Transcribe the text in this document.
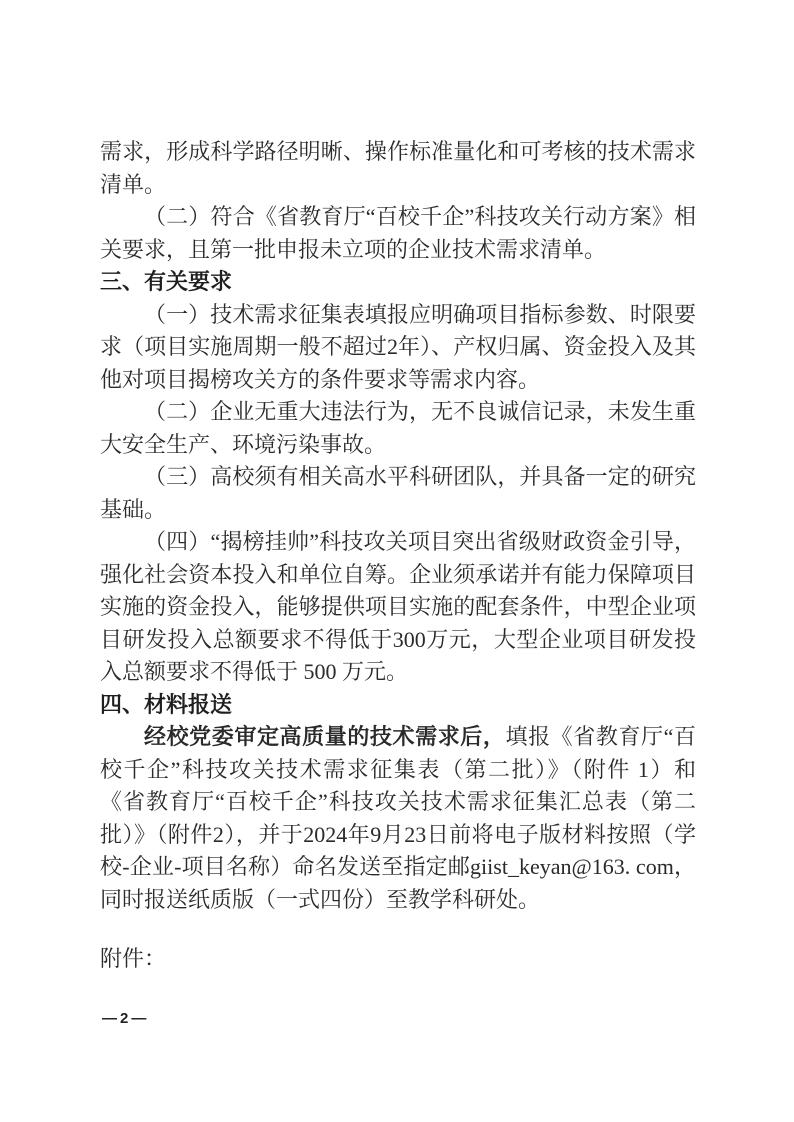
需求，形成科学路径明晰、操作标准量化和可考核的技术需求清单。

（二）符合《省教育厅“百校千企”科技攻关行动方案》相关要求，且第一批申报未立项的企业技术需求清单。

三、有关要求

（一）技术需求征集表填报应明确项目指标参数、时限要求（项目实施周期一般不超过2年）、产权归属、资金投入及其他对项目揭榜攻关方的条件要求等需求内容。

（二）企业无重大违法行为，无不良诚信记录，未发生重大安全生产、环境污染事故。

（三）高校须有相关高水平科研团队，并具备一定的研究基础。

（四）“揭榜挂帅”科技攻关项目突出省级财政资金引导，强化社会资本投入和单位自筹。企业须承诺并有能力保障项目实施的资金投入，能够提供项目实施的配套条件，中型企业项目研发投入总额要求不得低于300万元，大型企业项目研发投入总额要求不得低于 500 万元。

四、材料报送

经校党委审定高质量的技术需求后，填报《省教育厅“百校千企”科技攻关技术需求征集表（第二批）》（附件 1）和《省教育厅“百校千企”科技攻关技术需求征集汇总表（第二批）》（附件2），并于2024年9月23日前将电子版材料按照（学校-企业-项目名称）命名发送至指定邮giist_keyan@163. com，同时报送纸质版（一式四份）至教学科研处。

附件：

—2—
